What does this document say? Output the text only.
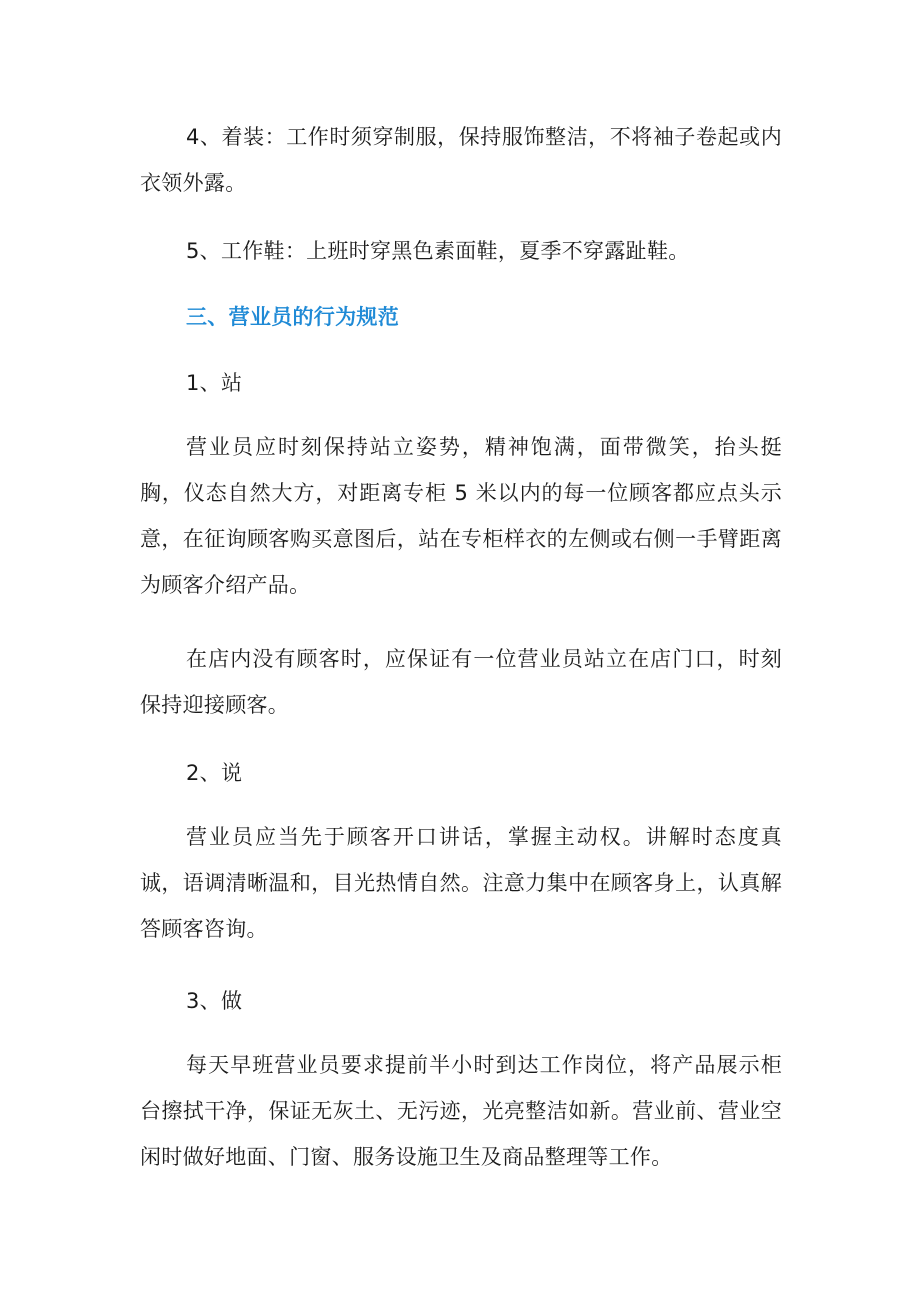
4、着装：工作时须穿制服，保持服饰整洁，不将袖子卷起或内衣领外露。

5、工作鞋：上班时穿黑色素面鞋，夏季不穿露趾鞋。

三、营业员的行为规范

1、站

营业员应时刻保持站立姿势，精神饱满，面带微笑，抬头挺胸，仪态自然大方，对距离专柜 5 米以内的每一位顾客都应点头示意，在征询顾客购买意图后，站在专柜样衣的左侧或右侧一手臂距离为顾客介绍产品。

在店内没有顾客时，应保证有一位营业员站立在店门口，时刻保持迎接顾客。

2、说

营业员应当先于顾客开口讲话，掌握主动权。讲解时态度真诚，语调清晰温和，目光热情自然。注意力集中在顾客身上，认真解答顾客咨询。

3、做

每天早班营业员要求提前半小时到达工作岗位，将产品展示柜台擦拭干净，保证无灰土、无污迹，光亮整洁如新。营业前、营业空闲时做好地面、门窗、服务设施卫生及商品整理等工作。
